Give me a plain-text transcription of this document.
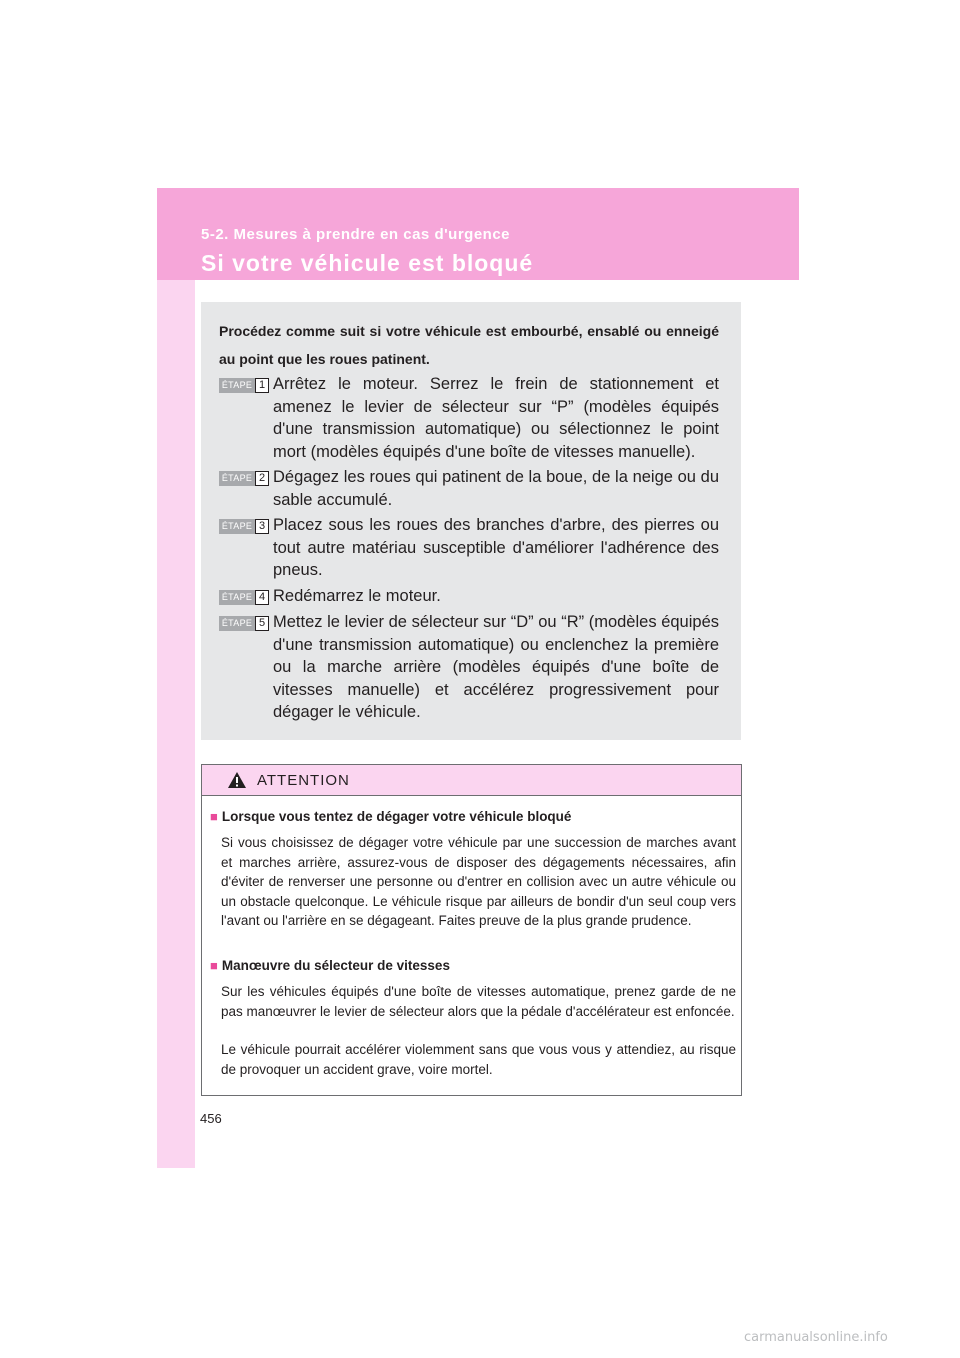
5-2. Mesures à prendre en cas d'urgence
Si votre véhicule est bloqué
Procédez comme suit si votre véhicule est embourbé, ensablé ou enneigé au point que les roues patinent.
ÉTAPE 1 Arrêtez le moteur. Serrez le frein de stationnement et amenez le levier de sélecteur sur “P” (modèles équipés d'une transmission automatique) ou sélectionnez le point mort (modèles équipés d'une boîte de vitesses manuelle).
ÉTAPE 2 Dégagez les roues qui patinent de la boue, de la neige ou du sable accumulé.
ÉTAPE 3 Placez sous les roues des branches d'arbre, des pierres ou tout autre matériau susceptible d'améliorer l'adhérence des pneus.
ÉTAPE 4 Redémarrez le moteur.
ÉTAPE 5 Mettez le levier de sélecteur sur “D” ou “R” (modèles équipés d'une transmission automatique) ou enclenchez la première ou la marche arrière (modèles équipés d'une boîte de vitesses manuelle) et accélérez progressivement pour dégager le véhicule.
ATTENTION
■ Lorsque vous tentez de dégager votre véhicule bloqué
Si vous choisissez de dégager votre véhicule par une succession de marches avant et marches arrière, assurez-vous de disposer des dégagements nécessaires, afin d'éviter de renverser une personne ou d'entrer en collision avec un autre véhicule ou un obstacle quelconque. Le véhicule risque par ailleurs de bondir d'un seul coup vers l'avant ou l'arrière en se dégageant. Faites preuve de la plus grande prudence.
■ Manœuvre du sélecteur de vitesses
Sur les véhicules équipés d'une boîte de vitesses automatique, prenez garde de ne pas manœuvrer le levier de sélecteur alors que la pédale d'accélérateur est enfoncée.
Le véhicule pourrait accélérer violemment sans que vous vous y attendiez, au risque de provoquer un accident grave, voire mortel.
456
carmanualsonline.info
